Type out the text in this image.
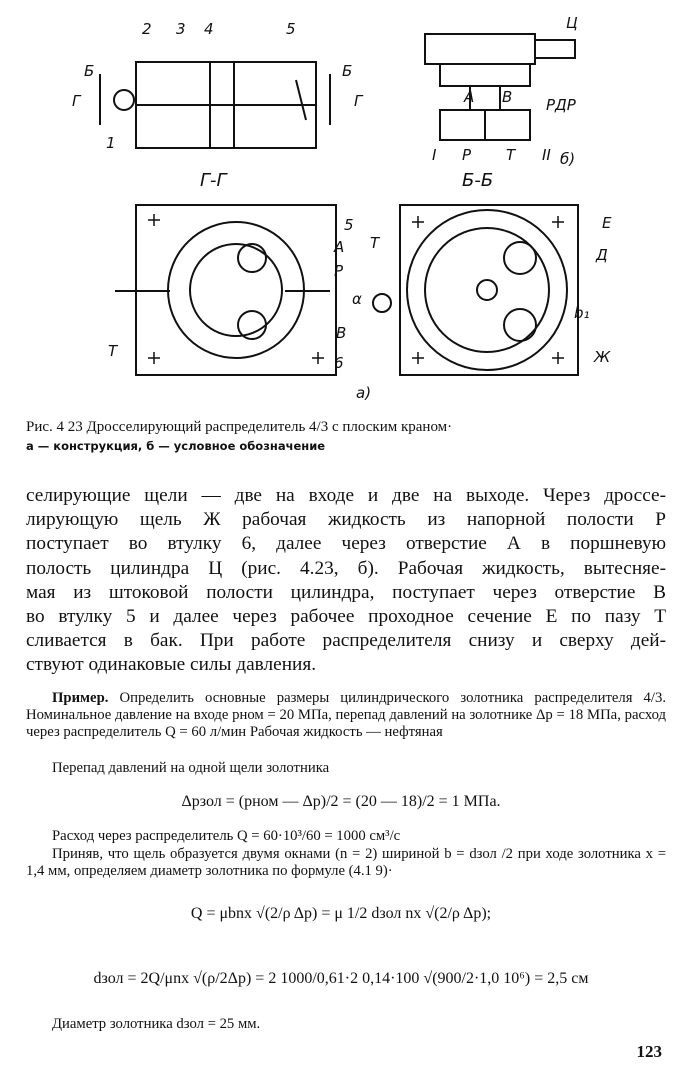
2 3 4	5
Б	Б
Г	Г
1
Г-Г	Б-Б
5
А
Р
В
6
Т
Е
Д
Т
α
b₁
Ж
Ц
А В РДР
I Р Т II б)
а)
Рис. 4 23 Дросселирующий распределитель 4/3 с плоским краном·
а — конструкция, б — условное обозначение
селирующие щели — две на входе и две на выходе. Через дроссе-
лирующую щель Ж рабочая жидкость из напорной полости Р
поступает во втулку 6, далее через отверстие А в поршневую
полость цилиндра Ц (рис. 4.23, б). Рабочая жидкость, вытесняе-
мая из штоковой полости цилиндра, поступает через отверстие В
во втулку 5 и далее через рабочее проходное сечение Е по пазу Т
сливается в бак. При работе распределителя снизу и сверху дей-
ствуют одинаковые силы давления.

Пример. Определить основные размеры цилиндрического золотника распределителя 4/3. Номинальное давление на входе pном = 20 МПа, перепад давлений на золотнике Δp = 18 МПа, расход через распределитель Q = 60 л/мин Рабочая жидкость — нефтяная

Перепад давлений на одной щели золотника

Δpзол = (pном — Δp)/2 = (20 — 18)/2 = 1 МПа.

Расход через распределитель Q = 60·10³/60 = 1000 см³/с

Приняв, что щель образуется двумя окнами (n = 2) шириной b = dзол /2 при ходе золотника x = 1,4 мм, определяем диаметр золотника по формуле (4.1 9)·

Q = μbnx √(2/ρ Δp) = μ 1/2 dзол nx √(2/ρ Δp);
dзол = 2Q/μnx √(ρ/2Δp) = 2 1000/0,61·2 0,14·100 √(900/2·1,0 10⁶) = 2,5 см

Диаметр золотника dзол = 25 мм.

123
